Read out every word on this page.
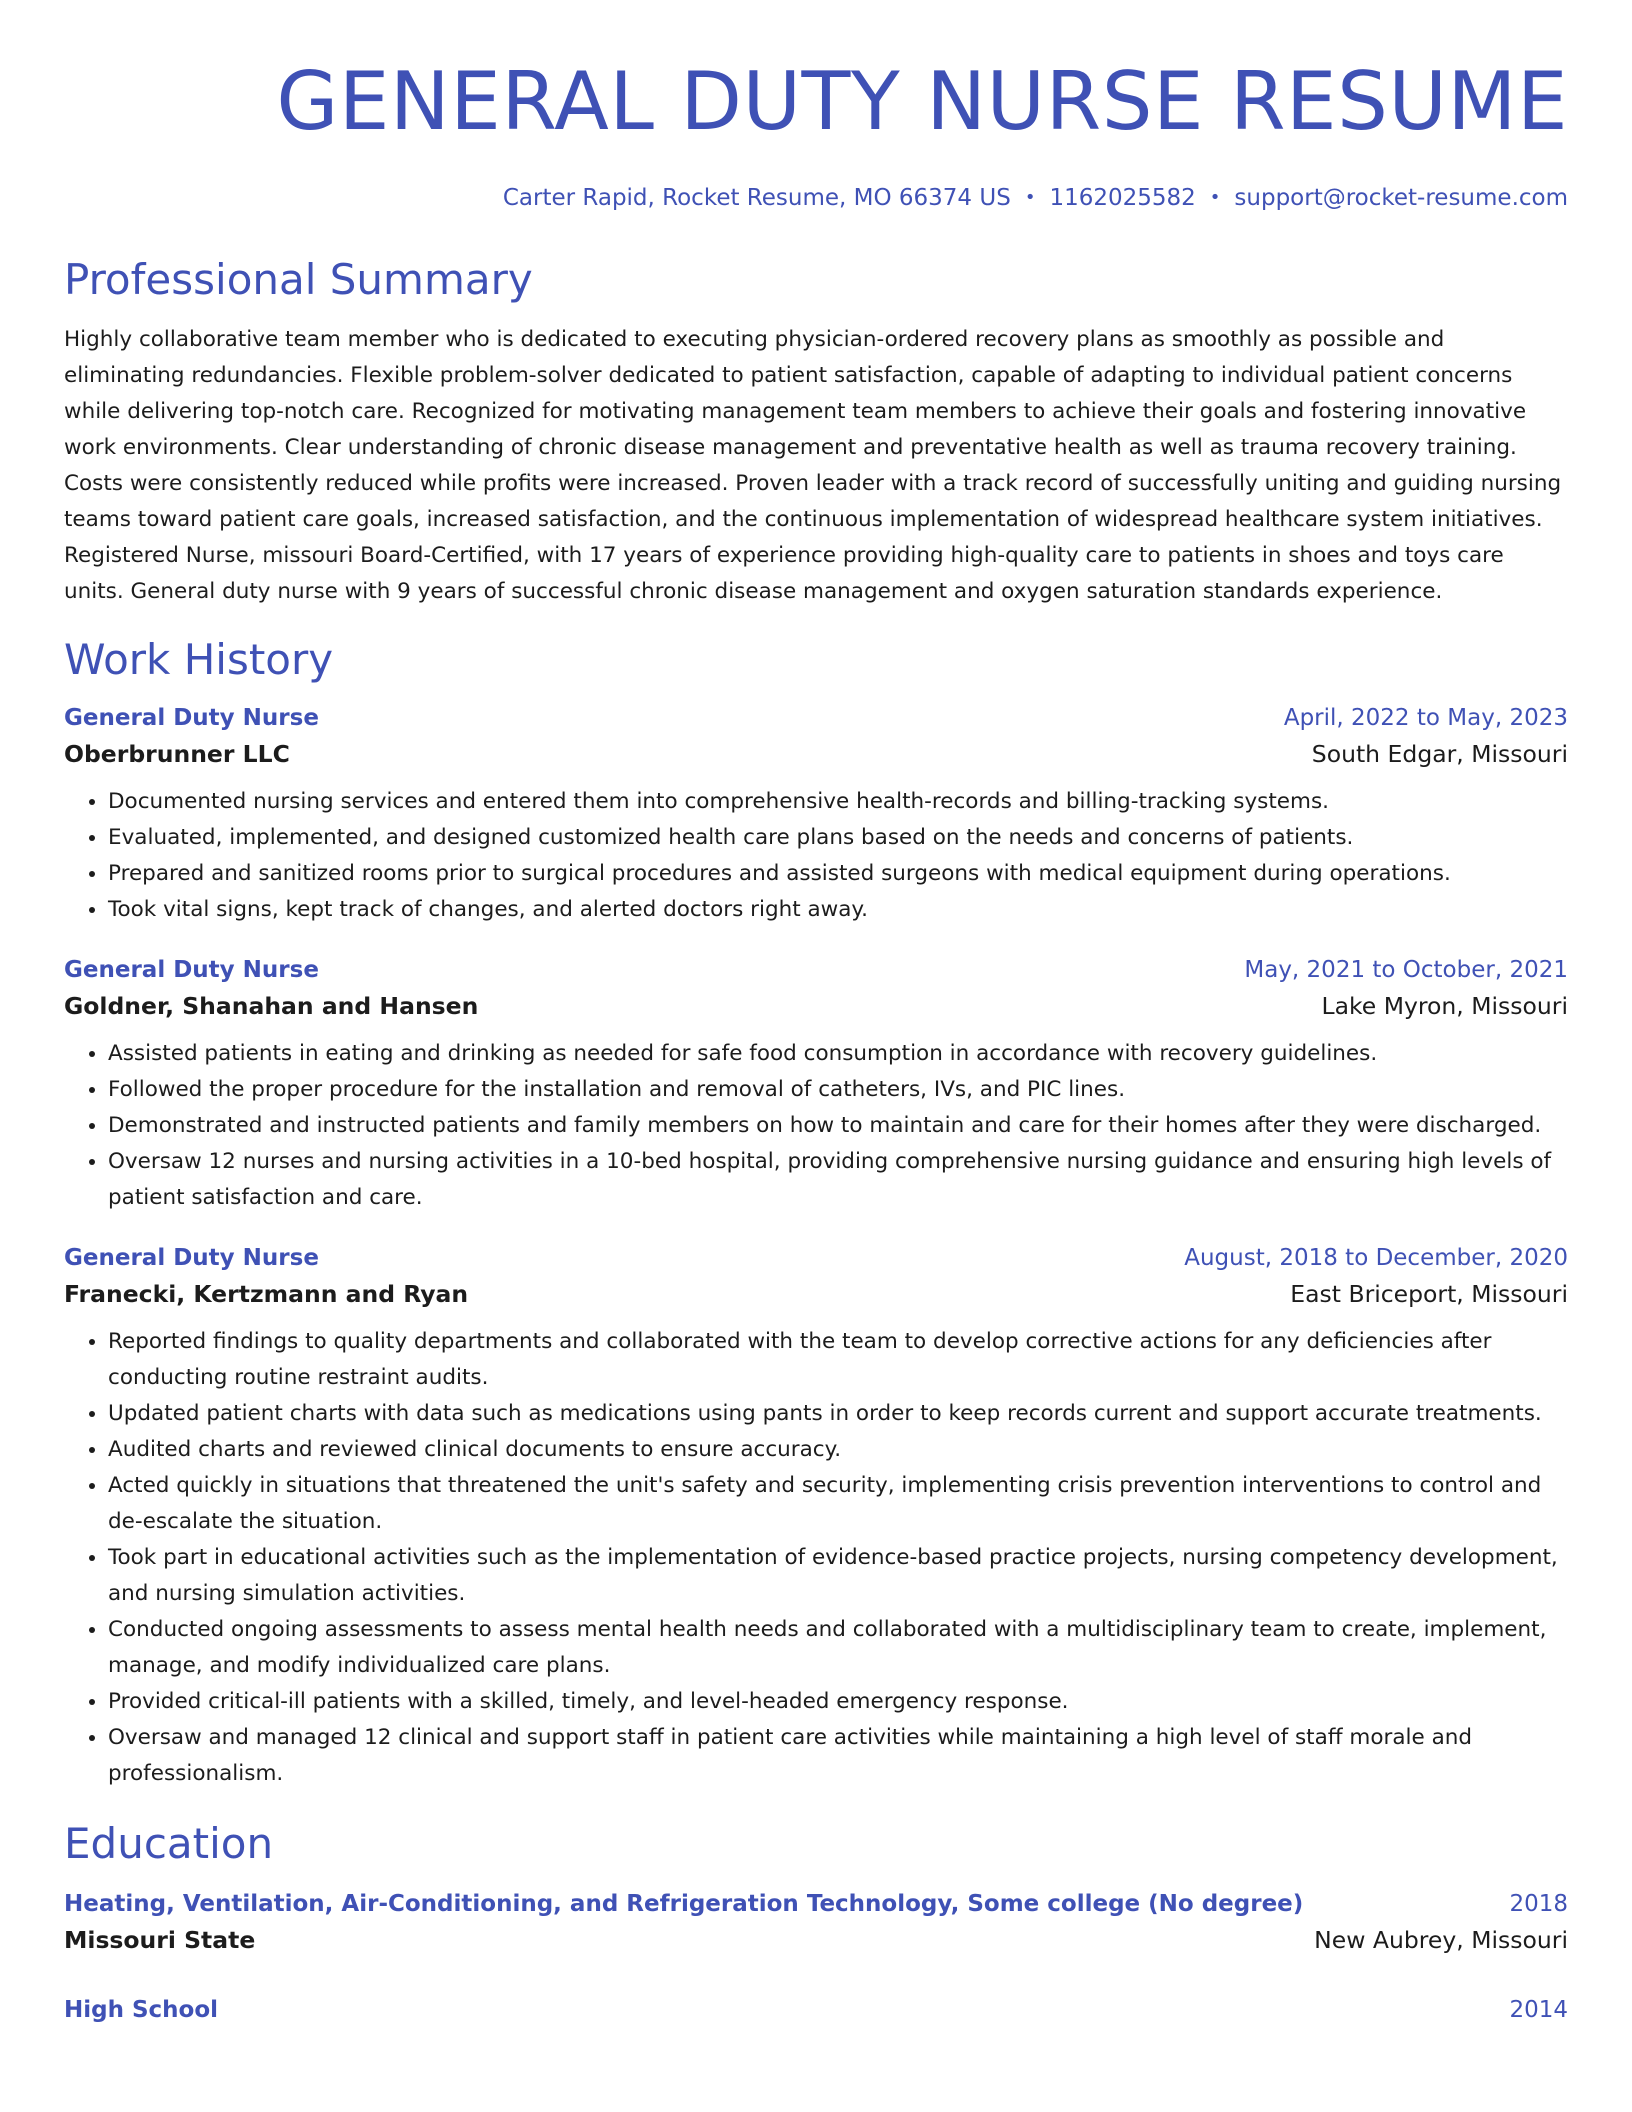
GENERAL DUTY NURSE RESUME
Carter Rapid, Rocket Resume, MO 66374 US • 1162025582 • support@rocket-resume.com
Professional Summary

Highly collaborative team member who is dedicated to executing physician-ordered recovery plans as smoothly as possible and eliminating redundancies. Flexible problem-solver dedicated to patient satisfaction, capable of adapting to individual patient concerns while delivering top-notch care. Recognized for motivating management team members to achieve their goals and fostering innovative work environments. Clear understanding of chronic disease management and preventative health as well as trauma recovery training. Costs were consistently reduced while profits were increased. Proven leader with a track record of successfully uniting and guiding nursing teams toward patient care goals, increased satisfaction, and the continuous implementation of widespread healthcare system initiatives. Registered Nurse, missouri Board-Certified, with 17 years of experience providing high-quality care to patients in shoes and toys care units. General duty nurse with 9 years of successful chronic disease management and oxygen saturation standards experience.

Work History
General Duty Nurse	April, 2022 to May, 2023
Oberbrunner LLC	South Edgar, Missouri
• Documented nursing services and entered them into comprehensive health-records and billing-tracking systems.
• Evaluated, implemented, and designed customized health care plans based on the needs and concerns of patients.
• Prepared and sanitized rooms prior to surgical procedures and assisted surgeons with medical equipment during operations.
• Took vital signs, kept track of changes, and alerted doctors right away.
General Duty Nurse	May, 2021 to October, 2021
Goldner, Shanahan and Hansen	Lake Myron, Missouri
• Assisted patients in eating and drinking as needed for safe food consumption in accordance with recovery guidelines.
• Followed the proper procedure for the installation and removal of catheters, IVs, and PIC lines.
• Demonstrated and instructed patients and family members on how to maintain and care for their homes after they were discharged.
• Oversaw 12 nurses and nursing activities in a 10-bed hospital, providing comprehensive nursing guidance and ensuring high levels of patient satisfaction and care.
General Duty Nurse	August, 2018 to December, 2020
Franecki, Kertzmann and Ryan	East Briceport, Missouri
• Reported findings to quality departments and collaborated with the team to develop corrective actions for any deficiencies after conducting routine restraint audits.
• Updated patient charts with data such as medications using pants in order to keep records current and support accurate treatments.
• Audited charts and reviewed clinical documents to ensure accuracy.
• Acted quickly in situations that threatened the unit's safety and security, implementing crisis prevention interventions to control and de-escalate the situation.
• Took part in educational activities such as the implementation of evidence-based practice projects, nursing competency development, and nursing simulation activities.
• Conducted ongoing assessments to assess mental health needs and collaborated with a multidisciplinary team to create, implement, manage, and modify individualized care plans.
• Provided critical-ill patients with a skilled, timely, and level-headed emergency response.
• Oversaw and managed 12 clinical and support staff in patient care activities while maintaining a high level of staff morale and professionalism.
Education
Heating, Ventilation, Air-Conditioning, and Refrigeration Technology, Some college (No degree)	2018
Missouri State	New Aubrey, Missouri
High School	2014
